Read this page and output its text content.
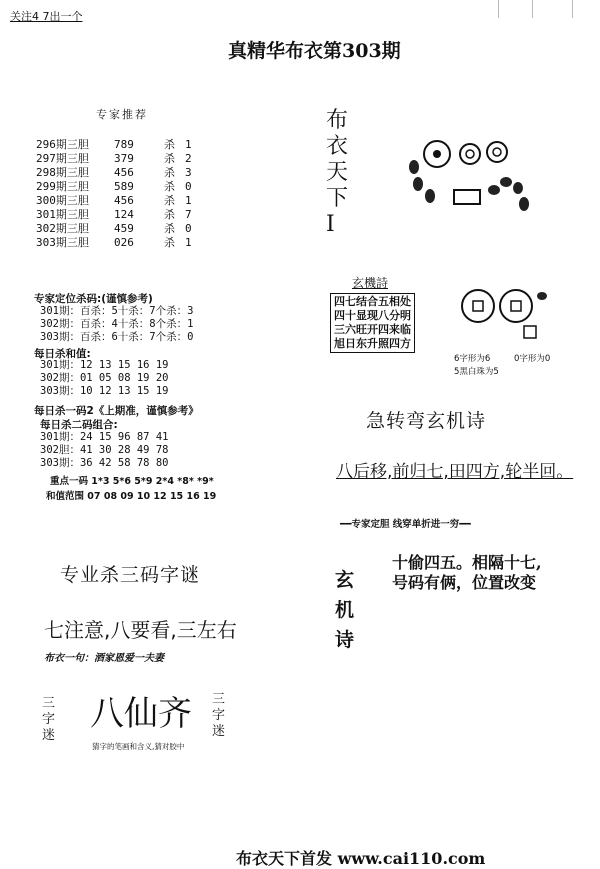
关注4 7出一个
真精华布衣第303期
专家推荐
296期三胆	789	杀 1
297期三胆	379	杀 2
298期三胆	456	杀 3
299期三胆	589	杀 0
300期三胆	456	杀 1
301期三胆	124	杀 7
302期三胆	459	杀 0
303期三胆	026	杀 1
专家定位杀码:(谨慎参考)
301期：百杀：5十杀：7个杀：3
302期：百杀：4十杀：8个杀：1
303期：百杀：6十杀：7个杀：0
每日杀和值:
301期：12 13 15 16 19
302期：01 05 08 19 20
303期：10 12 13 15 19
每日杀一码2《上期准，谨慎参考》
每日杀二码组合:
301期：24 15 96 87 41
302胆：41 30 28 49 78
303期：36 42 58 78 80
重点一码 1*3 5*6 5*9 2*4 *8* *9*
和值范围 07 08 09 10 12 15 16 19
专业杀三码字谜
七注意,八要看,三左右
布衣一句：酒家恩爱一夫妻
三字迷
八仙齐 三字迷
猜字的笔画和含义,猜对胶中
布衣天下Ⅰ
玄機詩
四七结合五相处
四十显现八分明
三六旺开四来临
旭日东升照四方
6字形为6	0字形为0
5黑白珠为5
急转弯玄机诗
八后移,前归七,田四方,轮半回。
━━专家定胆 线穿单折进一穷━━
玄机诗
十偷四五。相隔十七,
号码有俩，位置改变
布衣天下首发 www.cai110.com
